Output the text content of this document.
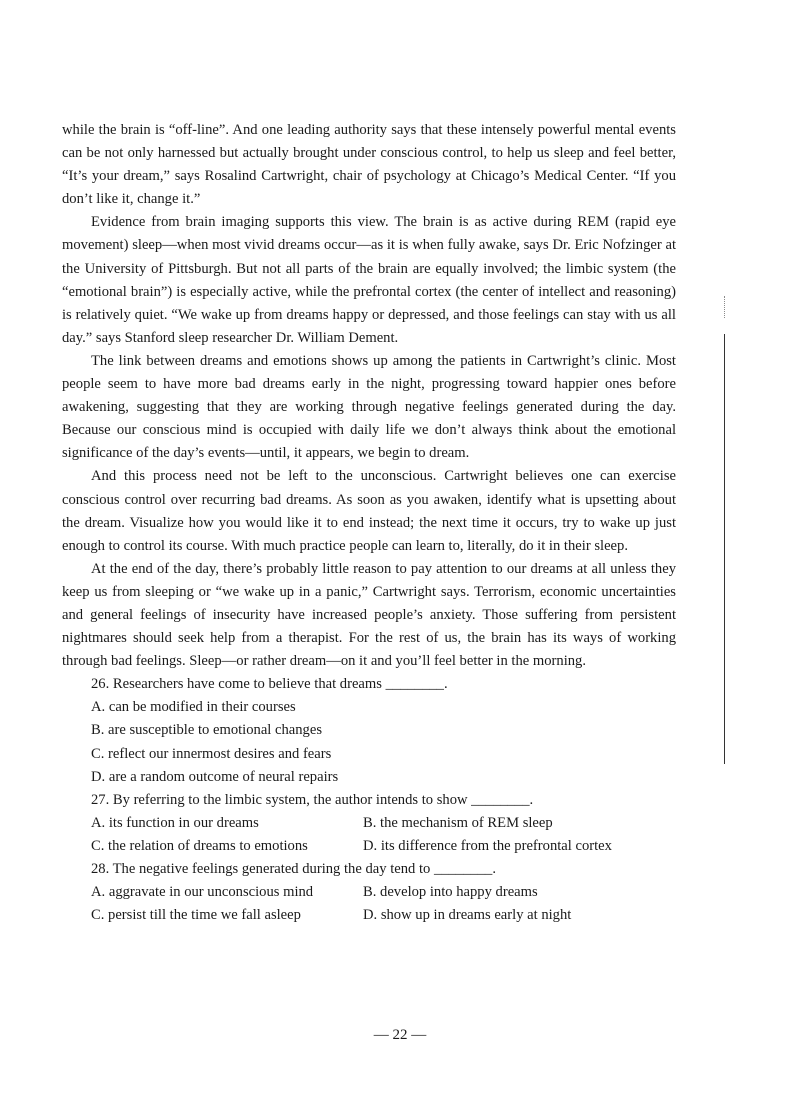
while the brain is “off-line”. And one leading authority says that these intensely powerful mental events can be not only harnessed but actually brought under conscious control, to help us sleep and feel better, “It’s your dream,” says Rosalind Cartwright, chair of psychology at Chicago’s Medical Center. “If you don’t like it, change it.”

Evidence from brain imaging supports this view. The brain is as active during REM (rapid eye movement) sleep—when most vivid dreams occur—as it is when fully awake, says Dr. Eric Nofzinger at the University of Pittsburgh. But not all parts of the brain are equally involved; the limbic system (the “emotional brain”) is especially active, while the prefrontal cortex (the center of intellect and reasoning) is relatively quiet. “We wake up from dreams happy or depressed, and those feelings can stay with us all day.” says Stanford sleep researcher Dr. William Dement.

The link between dreams and emotions shows up among the patients in Cartwright’s clinic. Most people seem to have more bad dreams early in the night, progressing toward happier ones before awakening, suggesting that they are working through negative feelings generated during the day. Because our conscious mind is occupied with daily life we don’t always think about the emotional significance of the day’s events—until, it appears, we begin to dream.

And this process need not be left to the unconscious. Cartwright believes one can exercise conscious control over recurring bad dreams. As soon as you awaken, identify what is upsetting about the dream. Visualize how you would like it to end instead; the next time it occurs, try to wake up just enough to control its course. With much practice people can learn to, literally, do it in their sleep.

At the end of the day, there’s probably little reason to pay attention to our dreams at all unless they keep us from sleeping or “we wake up in a panic,” Cartwright says. Terrorism, economic uncertainties and general feelings of insecurity have increased people’s anxiety. Those suffering from persistent nightmares should seek help from a therapist. For the rest of us, the brain has its ways of working through bad feelings. Sleep—or rather dream—on it and you’ll feel better in the morning.

26. Researchers have come to believe that dreams ________.

A. can be modified in their courses

B. are susceptible to emotional changes

C. reflect our innermost desires and fears

D. are a random outcome of neural repairs

27. By referring to the limbic system, the author intends to show ________.

A. its function in our dreams	B. the mechanism of REM sleep
C. the relation of dreams to emotions	D. its difference from the prefrontal cortex

28. The negative feelings generated during the day tend to ________.

A. aggravate in our unconscious mind	B. develop into happy dreams
C. persist till the time we fall asleep	D. show up in dreams early at night
— 22 —
